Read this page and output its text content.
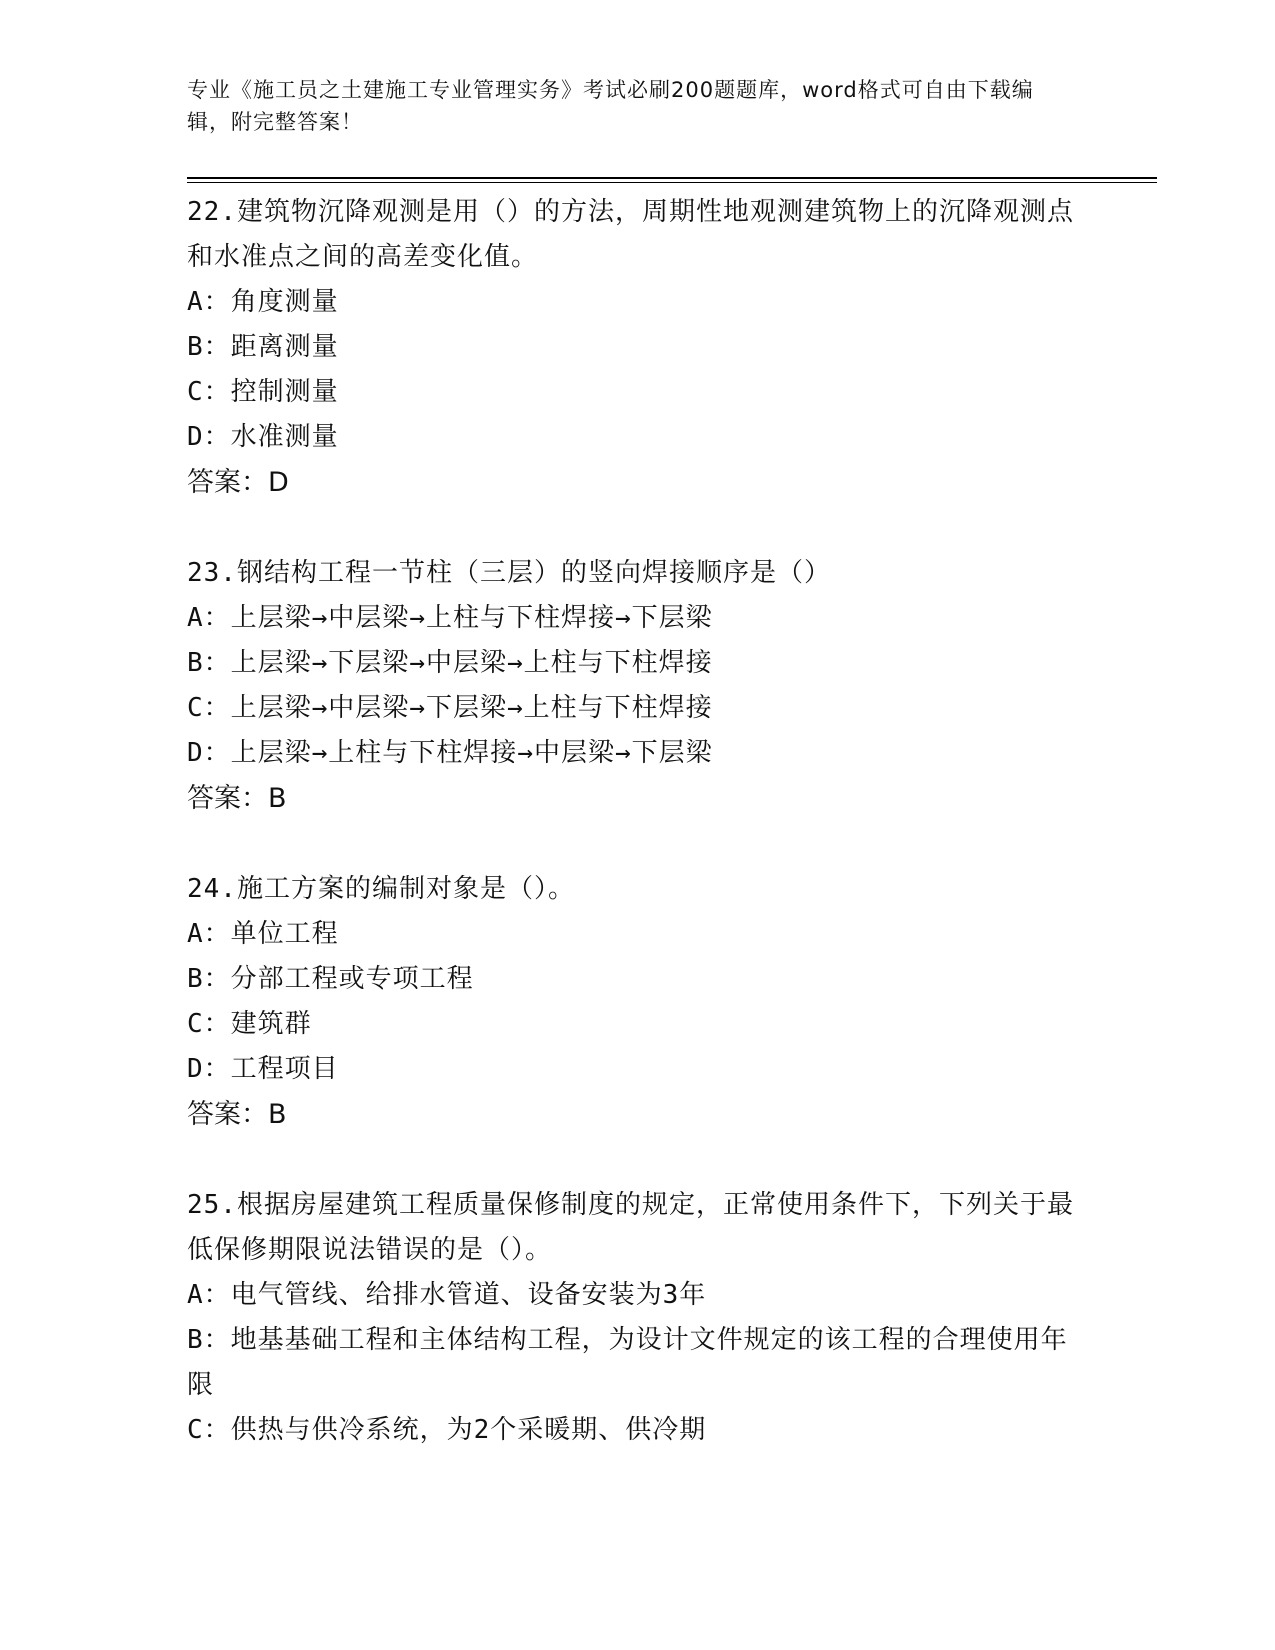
专业《施工员之土建施工专业管理实务》考试必刷200题题库，word格式可自由下载编辑，附完整答案！

22.建筑物沉降观测是用（）的方法，周期性地观测建筑物上的沉降观测点和水准点之间的高差变化值。

A：角度测量

B：距离测量

C：控制测量

D：水准测量

答案：D

23.钢结构工程一节柱（三层）的竖向焊接顺序是（）

A：上层梁→中层梁→上柱与下柱焊接→下层梁

B：上层梁→下层梁→中层梁→上柱与下柱焊接

C：上层梁→中层梁→下层梁→上柱与下柱焊接

D：上层梁→上柱与下柱焊接→中层梁→下层梁

答案：B

24.施工方案的编制对象是（）。

A：单位工程

B：分部工程或专项工程

C：建筑群

D：工程项目

答案：B

25.根据房屋建筑工程质量保修制度的规定，正常使用条件下，下列关于最低保修期限说法错误的是（）。

A：电气管线、给排水管道、设备安装为3年

B：地基基础工程和主体结构工程，为设计文件规定的该工程的合理使用年限

C：供热与供冷系统，为2个采暖期、供冷期
